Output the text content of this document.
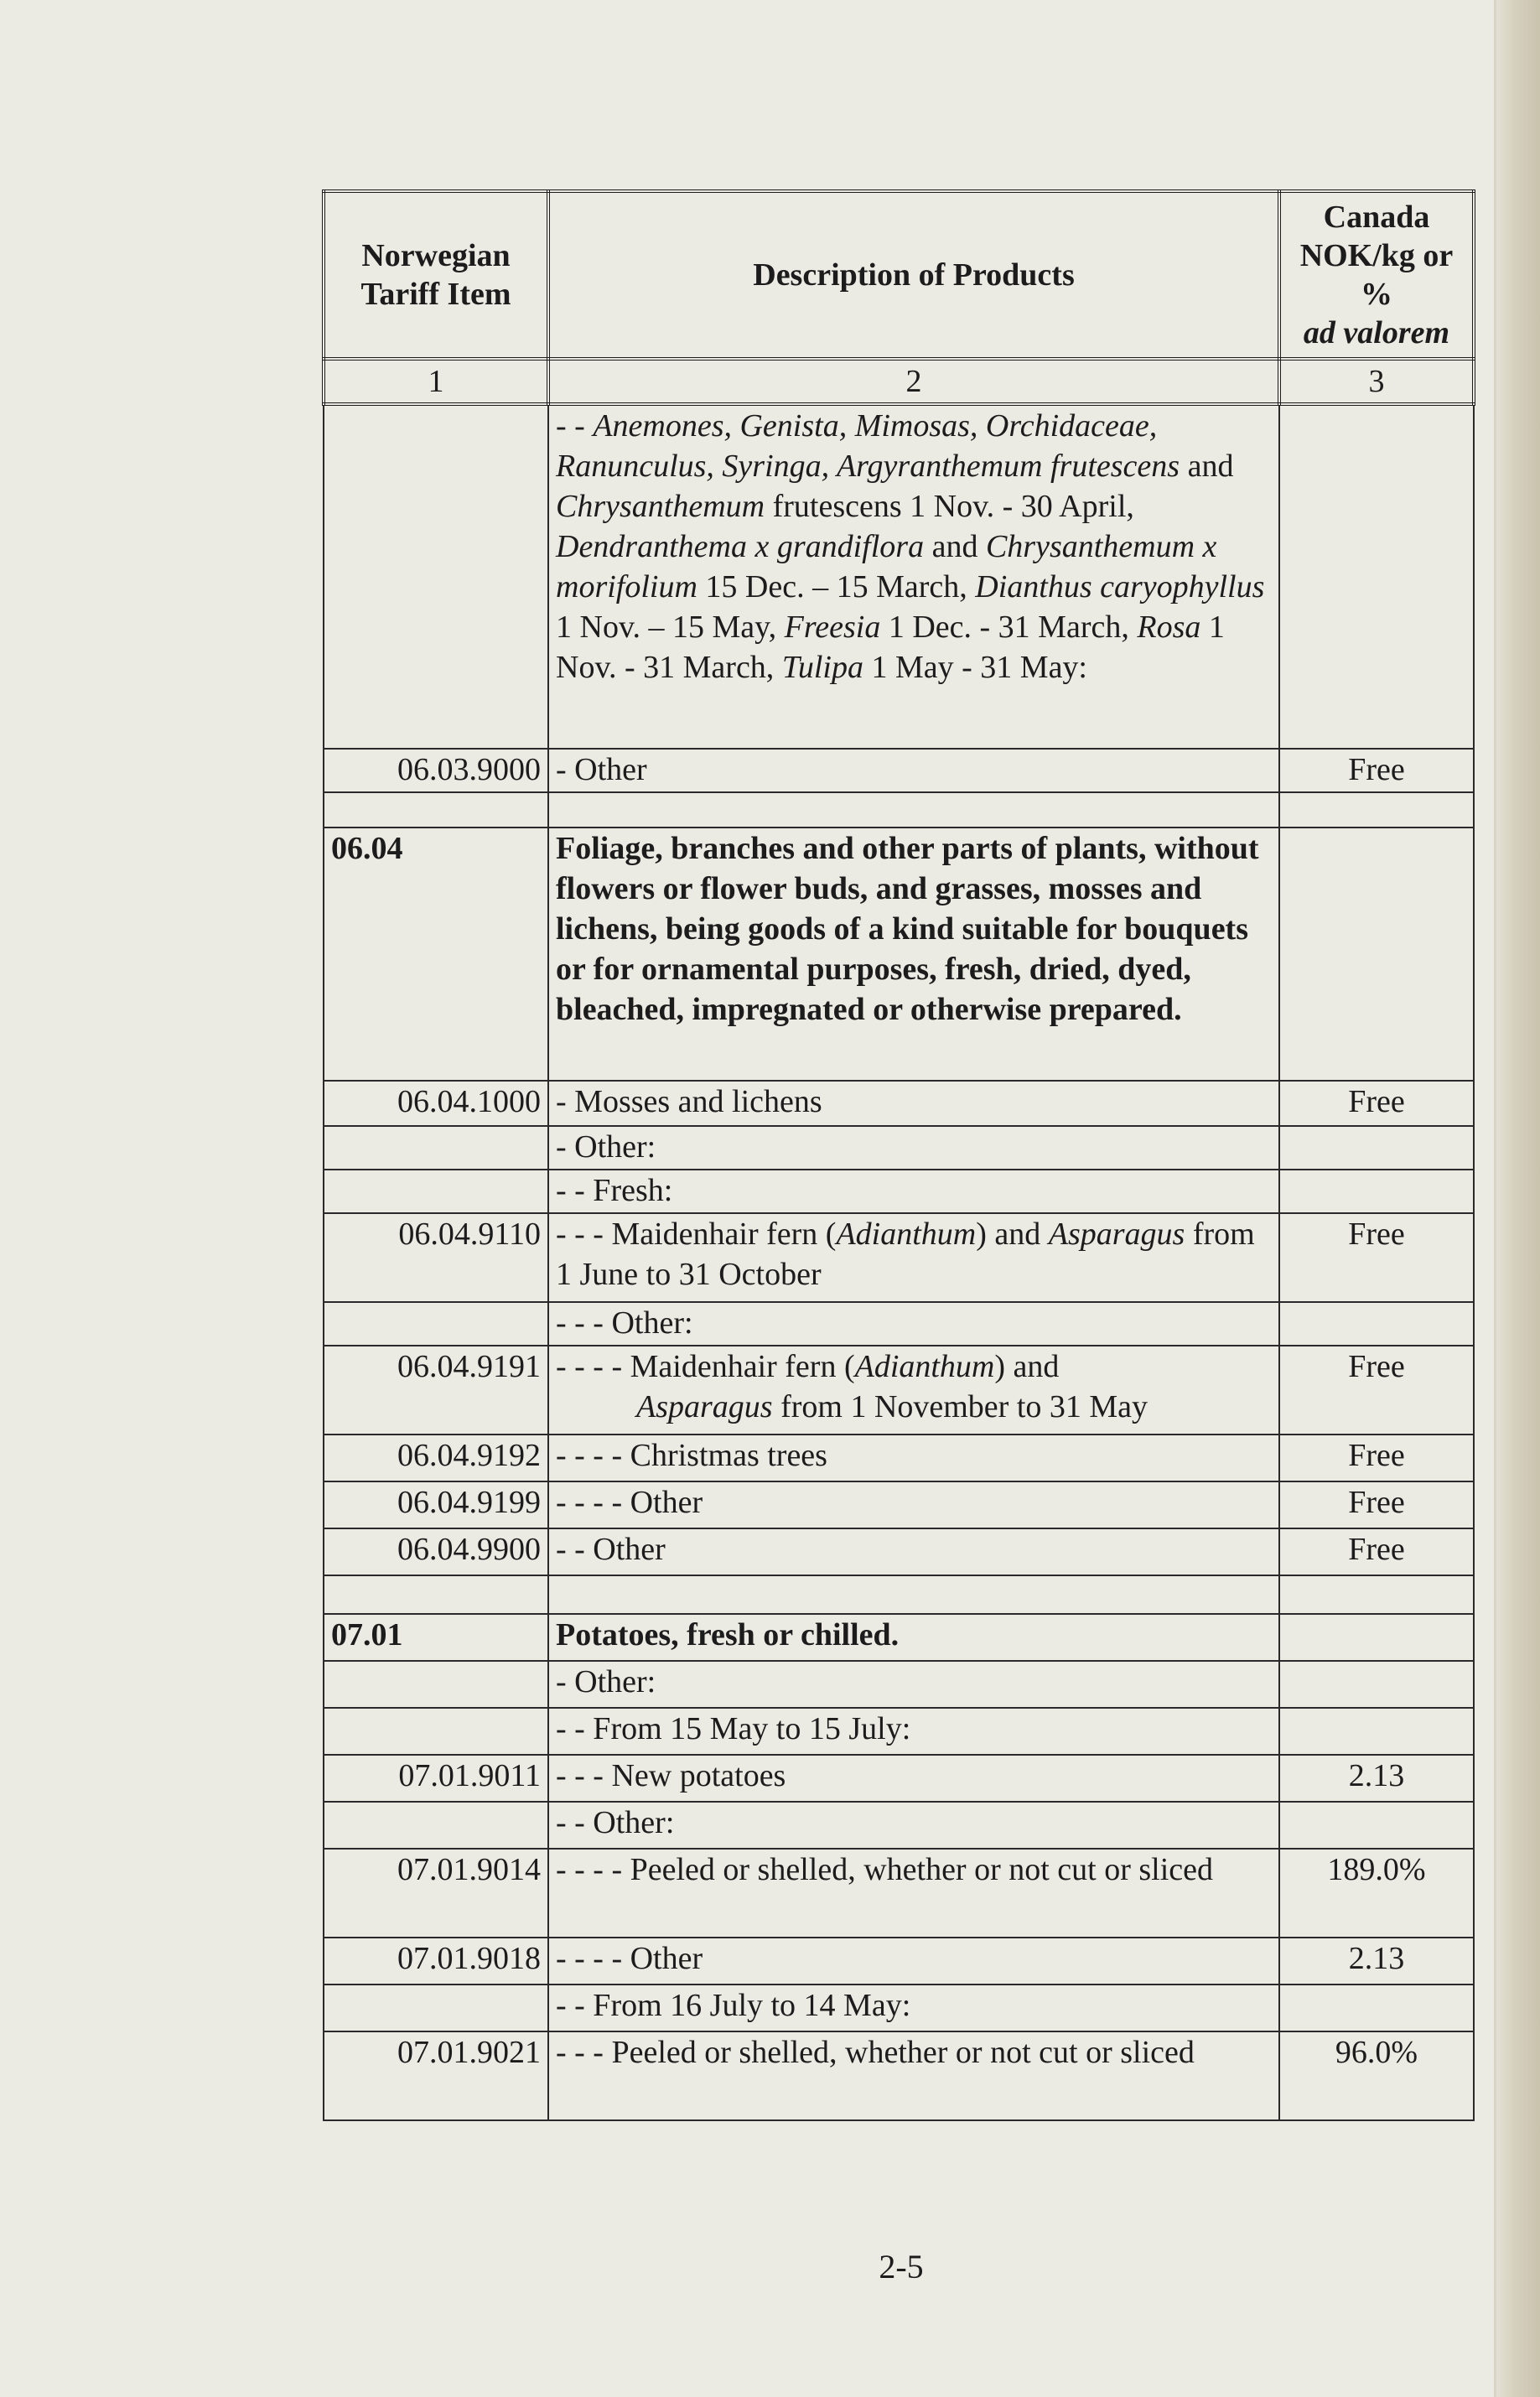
Norwegian Tariff Item	Description of Products	Canada
NOK/kg or
%
ad valorem

1	2	3
	- - Anemones, Genista, Mimosas, Orchidaceae, Ranunculus, Syringa, Argyranthemum frutescens and Chrysanthemum frutescens 1 Nov. - 30 April, Dendranthema x grandiflora and Chrysanthemum x morifolium 15 Dec. – 15 March, Dianthus caryophyllus 1 Nov. – 15 May, Freesia 1 Dec. - 31 March, Rosa 1 Nov. - 31 March, Tulipa 1 May - 31 May:	
06.03.9000	- Other	Free

06.04	Foliage, branches and other parts of plants, without flowers or flower buds, and grasses, mosses and lichens, being goods of a kind suitable for bouquets or for ornamental purposes, fresh, dried, dyed, bleached, impregnated or otherwise prepared.	
06.04.1000	- Mosses and lichens	Free
	- Other:	
	- - Fresh:	
06.04.9110	- - - Maidenhair fern (Adianthum) and Asparagus from 1 June to 31 October	Free
	- - - Other:	
06.04.9191	- - - - Maidenhair fern (Adianthum) and
Asparagus from 1 November to 31 May	Free
06.04.9192	- - - - Christmas trees	Free
06.04.9199	- - - - Other	Free
06.04.9900	- - Other	Free

07.01	Potatoes, fresh or chilled.	
	- Other:	
	- - From 15 May to 15 July:	
07.01.9011	- - - New potatoes	2.13
	- - Other:	
07.01.9014	- - - - Peeled or shelled, whether or not cut or sliced	189.0%
07.01.9018	- - - - Other	2.13
	- - From 16 July to 14 May:	
07.01.9021	- - - Peeled or shelled, whether or not cut or sliced	96.0%
2-5
